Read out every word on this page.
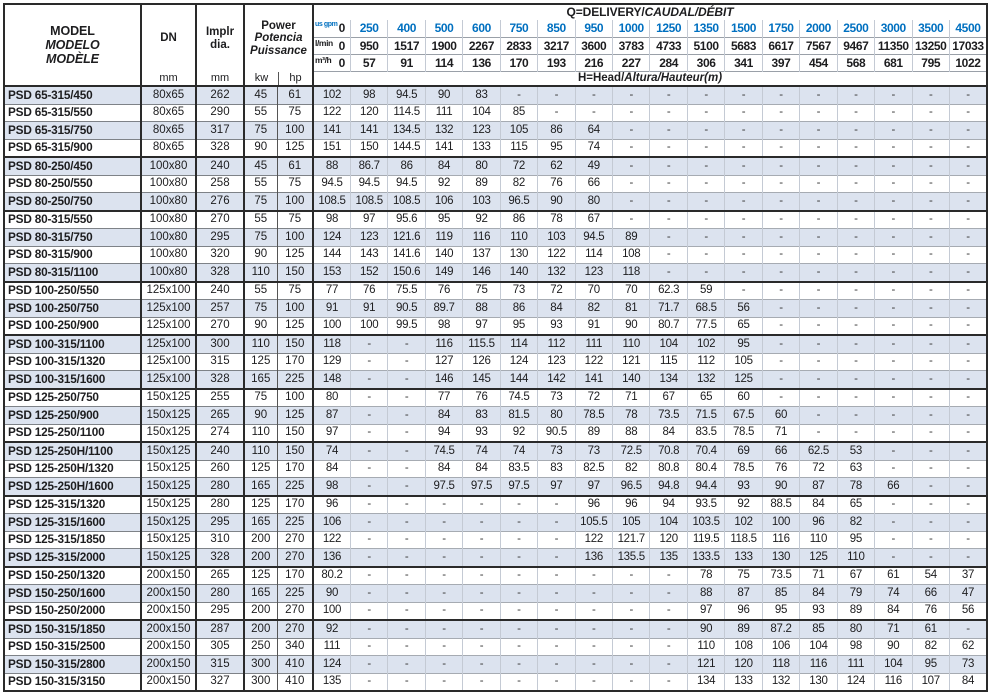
MODEL
MODELO
MODÈLE

DN
mm

Implr
dia.
mm

Power
Potencia
Puissance
kw	hp
	Q=DELIVERY/CAUDAL/DÉBIT

					us gpm 0	250	400	500	600	750	850	950	1000	1250	1350	1500	1750	2000	2500	3000	3500	4500

					l/min 0	950	1517	1900	2267	2833	3217	3600	3783	4733	5100	5683	6617	7567	9467	11350	13250	17033

					m³/h 0	57	91	114	136	170	193	216	227	284	306	341	397	454	568	681	795	1022
					H=Head/Altura/Hauteur(m)																	
PSD 65-315/450	80x65	262	45	61	102	98	94.5	90	83	-	-	-	-	-	-	-	-	-	-	-	-	-
PSD 65-315/550	80x65	290	55	75	122	120	114.5	111	104	85	-	-	-	-	-	-	-	-	-	-	-	-
PSD 65-315/750	80x65	317	75	100	141	141	134.5	132	123	105	86	64	-	-	-	-	-	-	-	-	-	-
PSD 65-315/900	80x65	328	90	125	151	150	144.5	141	133	115	95	74	-	-	-	-	-	-	-	-	-	-
PSD 80-250/450	100x80	240	45	61	88	86.7	86	84	80	72	62	49	-	-	-	-	-	-	-	-	-	-
PSD 80-250/550	100x80	258	55	75	94.5	94.5	94.5	92	89	82	76	66	-	-	-	-	-	-	-	-	-	-
PSD 80-250/750	100x80	276	75	100	108.5	108.5	108.5	106	103	96.5	90	80	-	-	-	-	-	-	-	-	-	-
PSD 80-315/550	100x80	270	55	75	98	97	95.6	95	92	86	78	67	-	-	-	-	-	-	-	-	-	-
PSD 80-315/750	100x80	295	75	100	124	123	121.6	119	116	110	103	94.5	89	-	-	-	-	-	-	-	-	-
PSD 80-315/900	100x80	320	90	125	144	143	141.6	140	137	130	122	114	108	-	-	-	-	-	-	-	-	-
PSD 80-315/1100	100x80	328	110	150	153	152	150.6	149	146	140	132	123	118	-	-	-	-	-	-	-	-	-
PSD 100-250/550	125x100	240	55	75	77	76	75.5	76	75	73	72	70	70	62.3	59	-	-	-	-	-	-	-
PSD 100-250/750	125x100	257	75	100	91	91	90.5	89.7	88	86	84	82	81	71.7	68.5	56	-	-	-	-	-	-
PSD 100-250/900	125x100	270	90	125	100	100	99.5	98	97	95	93	91	90	80.7	77.5	65	-	-	-	-	-	-
PSD 100-315/1100	125x100	300	110	150	118	-	-	116	115.5	114	112	111	110	104	102	95	-	-	-	-	-	-
PSD 100-315/1320	125x100	315	125	170	129	-	-	127	126	124	123	122	121	115	112	105	-	-	-	-	-	-
PSD 100-315/1600	125x100	328	165	225	148	-	-	146	145	144	142	141	140	134	132	125	-	-	-	-	-	-
PSD 125-250/750	150x125	255	75	100	80	-	-	77	76	74.5	73	72	71	67	65	60	-	-	-	-	-	-
PSD 125-250/900	150x125	265	90	125	87	-	-	84	83	81.5	80	78.5	78	73.5	71.5	67.5	60	-	-	-	-	-
PSD 125-250/1100	150x125	274	110	150	97	-	-	94	93	92	90.5	89	88	84	83.5	78.5	71	-	-	-	-	-
PSD 125-250H/1100	150x125	240	110	150	74	-	-	74.5	74	74	73	73	72.5	70.8	70.4	69	66	62.5	53	-	-	-
PSD 125-250H/1320	150x125	260	125	170	84	-	-	84	84	83.5	83	82.5	82	80.8	80.4	78.5	76	72	63	-	-	-
PSD 125-250H/1600	150x125	280	165	225	98	-	-	97.5	97.5	97.5	97	97	96.5	94.8	94.4	93	90	87	78	66	-	-
PSD 125-315/1320	150x125	280	125	170	96	-	-	-	-	-	-	96	96	94	93.5	92	88.5	84	65	-	-	-
PSD 125-315/1600	150x125	295	165	225	106	-	-	-	-	-	-	105.5	105	104	103.5	102	100	96	82	-	-	-
PSD 125-315/1850	150x125	310	200	270	122	-	-	-	-	-	-	122	121.7	120	119.5	118.5	116	110	95	-	-	-
PSD 125-315/2000	150x125	328	200	270	136	-	-	-	-	-	-	136	135.5	135	133.5	133	130	125	110	-	-	-
PSD 150-250/1320	200x150	265	125	170	80.2	-	-	-	-	-	-	-	-	-	78	75	73.5	71	67	61	54	37
PSD 150-250/1600	200x150	280	165	225	90	-	-	-	-	-	-	-	-	-	88	87	85	84	79	74	66	47
PSD 150-250/2000	200x150	295	200	270	100	-	-	-	-	-	-	-	-	-	97	96	95	93	89	84	76	56
PSD 150-315/1850	200x150	287	200	270	92	-	-	-	-	-	-	-	-	-	90	89	87.2	85	80	71	61	-
PSD 150-315/2500	200x150	305	250	340	111	-	-	-	-	-	-	-	-	-	110	108	106	104	98	90	82	62
PSD 150-315/2800	200x150	315	300	410	124	-	-	-	-	-	-	-	-	-	121	120	118	116	111	104	95	73
PSD 150-315/3150	200x150	327	300	410	135	-	-	-	-	-	-	-	-	-	134	133	132	130	124	116	107	84
